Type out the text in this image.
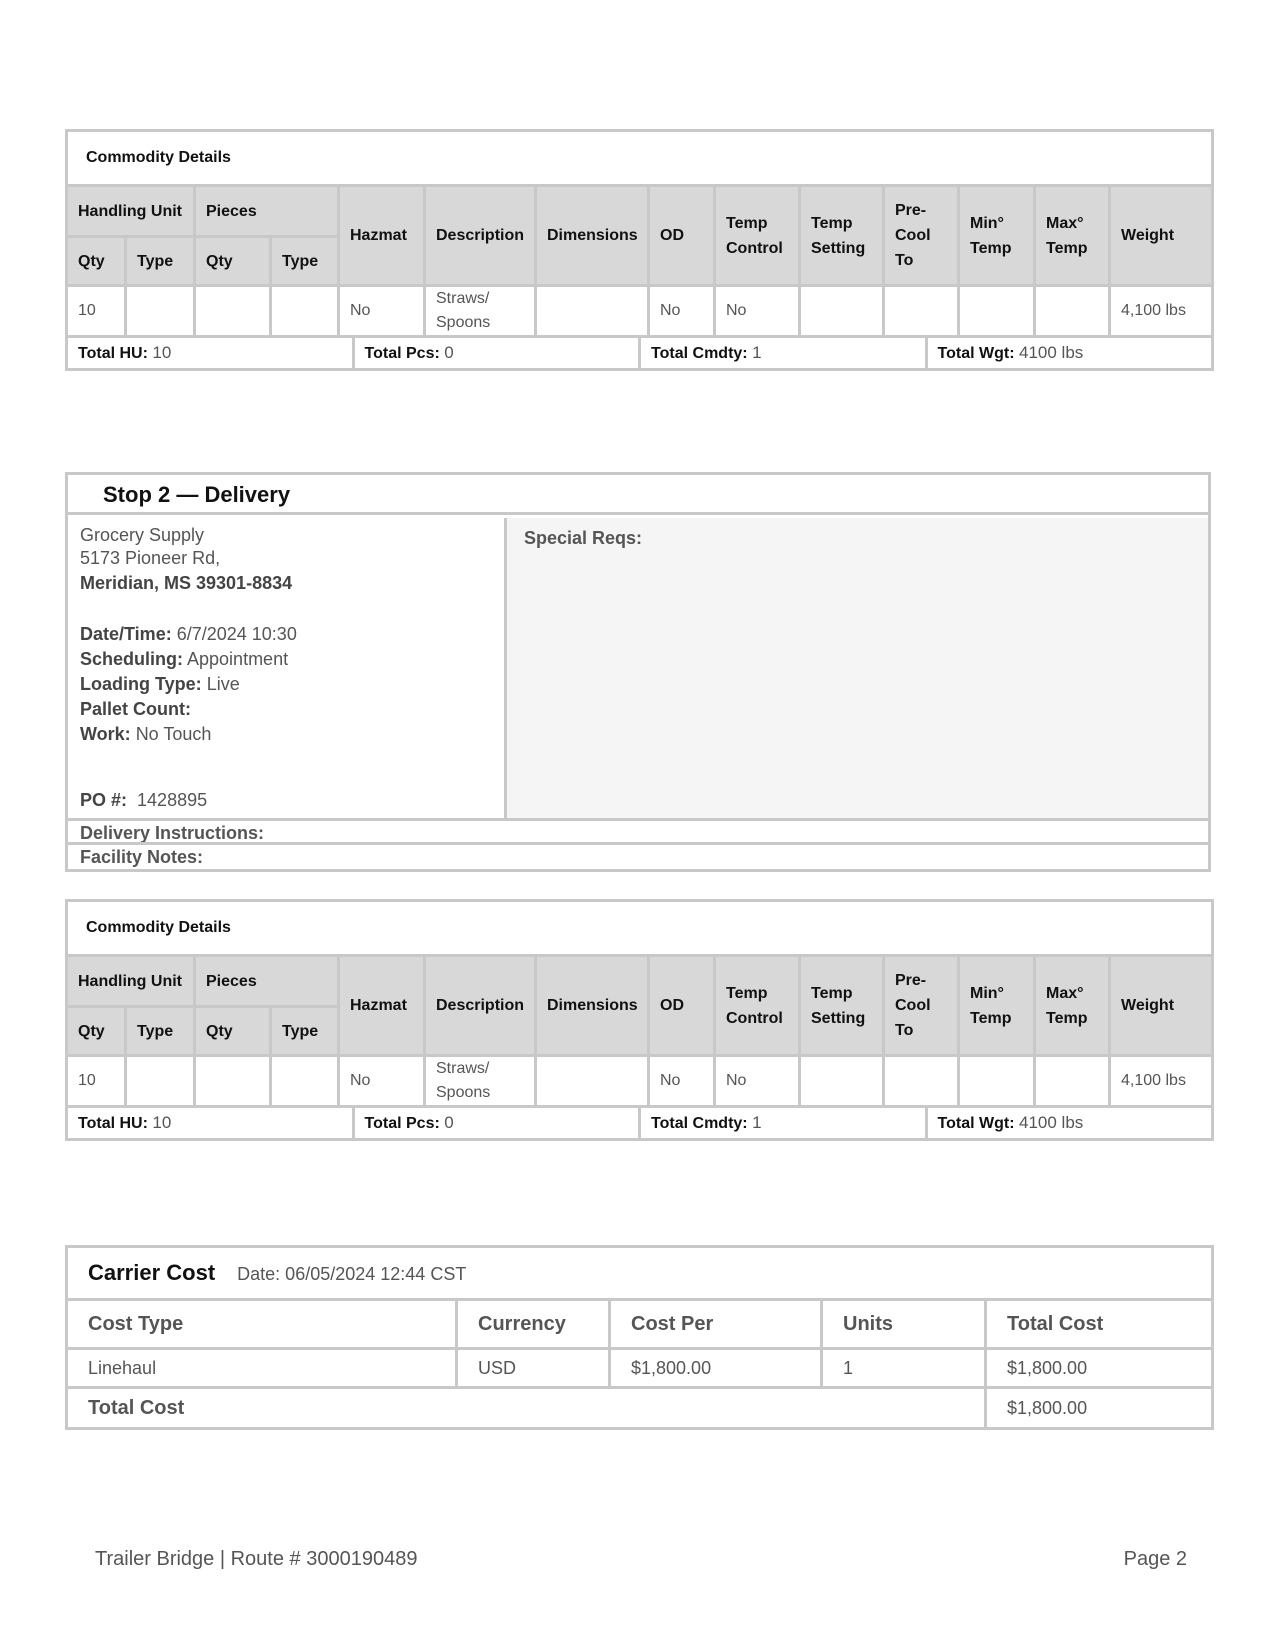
Commodity Details													
Handling Unit		Pieces		Hazmat	Description	Dimensions	OD	Temp Control	Temp Setting	Pre-Cool To	Min° Temp	Max° Temp	Weight
Qty	Type	Qty	Type										
10				No	Straws/ Spoons		No	No					4,100 lbs

Total HU: 10 Total Pcs: 0 Total Cmdty: 1 Total Wgt: 4100 lbs													
Stop 2 — Delivery
Grocery Supply
5173 Pioneer Rd,
Meridian, MS 39301-8834
Date/Time: 6/7/2024 10:30
Scheduling: Appointment
Loading Type: Live
Pallet Count:
Work: No Touch
PO #: 1428895
Special Reqs:
Delivery Instructions:
Facility Notes:
Commodity Details													
Handling Unit		Pieces		Hazmat	Description	Dimensions	OD	Temp Control	Temp Setting	Pre-Cool To	Min° Temp	Max° Temp	Weight
Qty	Type	Qty	Type										
10				No	Straws/ Spoons		No	No					4,100 lbs

Total HU: 10 Total Pcs: 0 Total Cmdty: 1 Total Wgt: 4100 lbs													
Carrier Cost Date: 06/05/2024 12:44 CST				
Cost Type	Currency	Cost Per	Units	Total Cost
Linehaul	USD	$1,800.00	1	$1,800.00
Total Cost				$1,800.00
Trailer Bridge | Route # 3000190489	Page 2
